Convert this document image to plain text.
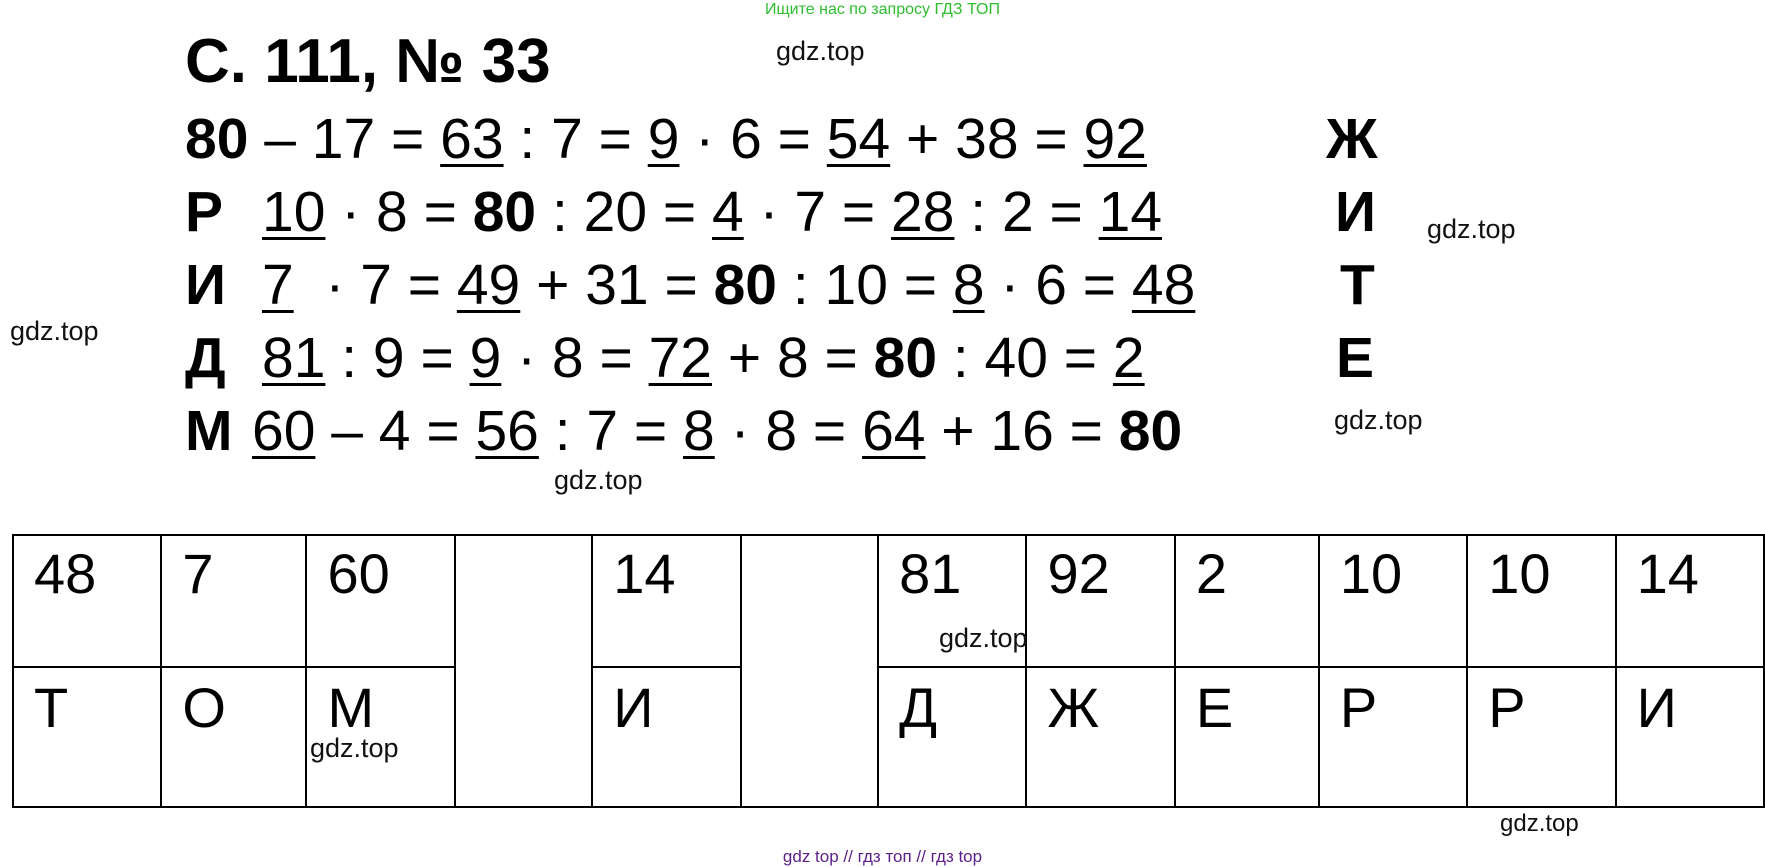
Ищите нас по запросу ГДЗ ТОП
С. 111, № 33
80 – 17 = 63 : 7 = 9 · 6 = 54 + 38 = 92	Ж
Р 10 · 8 = 80 : 20 = 4 · 7 = 28 : 2 = 14	И
И 7  · 7 = 49 + 31 = 80 : 10 = 8 · 6 = 48	Т
Д 81 : 9 = 9 · 8 = 72 + 8 = 80 : 40 = 2	Е
М 60 – 4 = 56 : 7 = 8 · 8 = 64 + 16 = 80
gdz.top
gdz.top
gdz.top
gdz.top
gdz.top
48	7	60		14		81	92	2	10	10	14
Т	О	М		И		Д	Ж	Е	Р	Р	И
gdz.top
gdz.top
gdz.top
gdz top // гдз топ // гдз top
